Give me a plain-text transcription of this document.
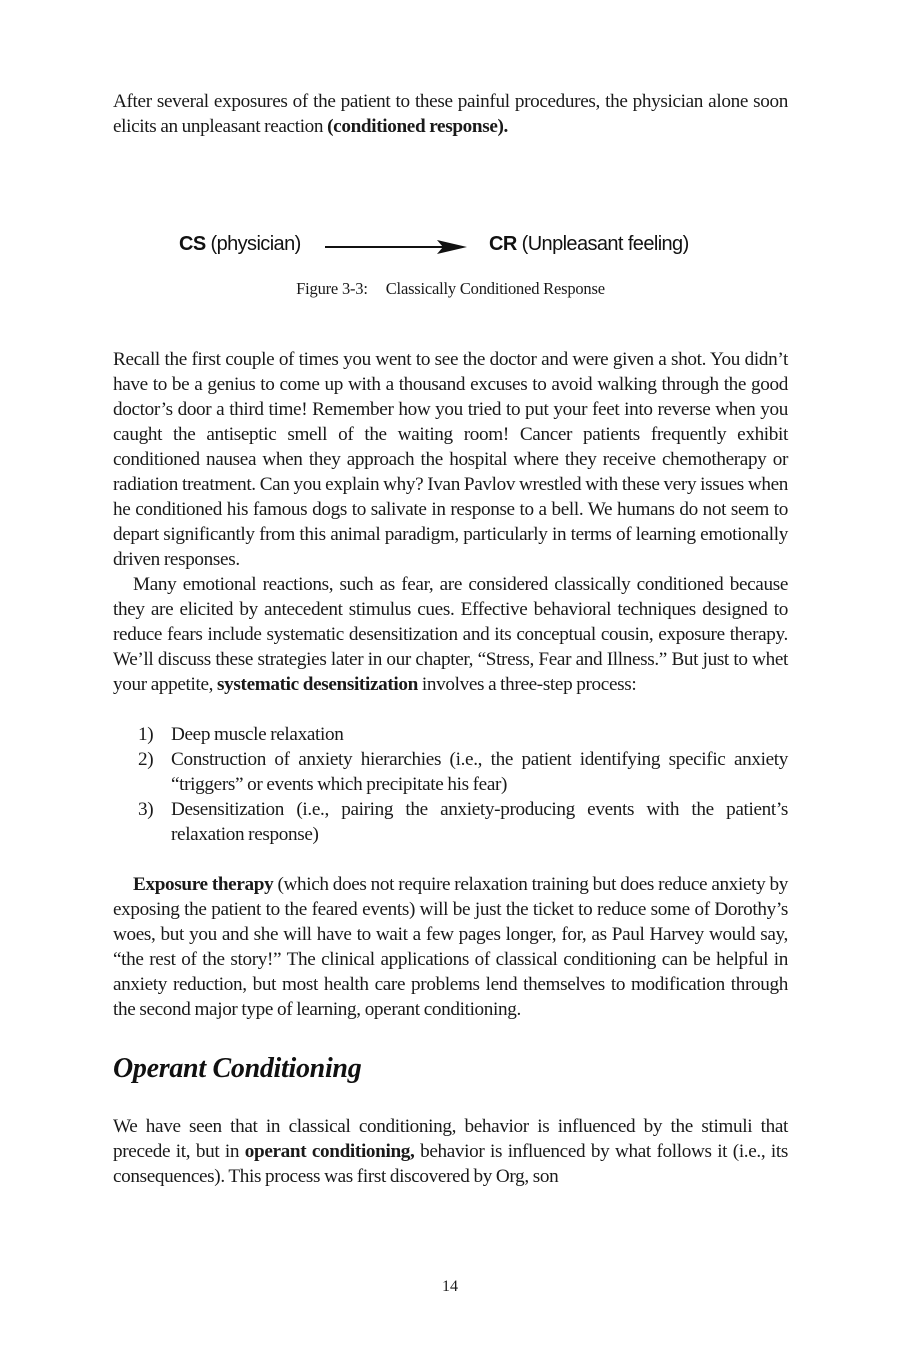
After several exposures of the patient to these painful procedures, the physician alone soon elicits an unpleasant reaction (conditioned response).

CS (physician)	CR (Unpleasant feeling)
Figure 3-3: Classically Conditioned Response

Recall the first couple of times you went to see the doctor and were given a shot. You didn’t have to be a genius to come up with a thousand excuses to avoid walking through the good doctor’s door a third time! Remember how you tried to put your feet into reverse when you caught the antiseptic smell of the waiting room! Cancer patients frequently exhibit conditioned nausea when they approach the hospital where they receive chemotherapy or radiation treatment. Can you explain why? Ivan Pavlov wrestled with these very issues when he conditioned his famous dogs to salivate in response to a bell. We humans do not seem to depart significantly from this animal paradigm, particularly in terms of learning emotionally driven responses.

Many emotional reactions, such as fear, are considered classically conditioned because they are elicited by antecedent stimulus cues. Effective behavioral techniques designed to reduce fears include systematic desensitization and its conceptual cousin, exposure therapy. We’ll discuss these strategies later in our chapter, “Stress, Fear and Illness.” But just to whet your appetite, systematic desensitization involves a three-step process:

1) Deep muscle relaxation
2) Construction of anxiety hierarchies (i.e., the patient identifying specific anxiety “triggers” or events which precipitate his fear)
3) Desensitization (i.e., pairing the anxiety-producing events with the patient’s relaxation response)

Exposure therapy (which does not require relaxation training but does reduce anxiety by exposing the patient to the feared events) will be just the ticket to reduce some of Dorothy’s woes, but you and she will have to wait a few pages longer, for, as Paul Harvey would say, “the rest of the story!” The clinical applications of classical conditioning can be helpful in anxiety reduction, but most health care problems lend themselves to modification through the second major type of learning, operant conditioning.

Operant Conditioning

We have seen that in classical conditioning, behavior is influenced by the stimuli that precede it, but in operant conditioning, behavior is influenced by what follows it (i.e., its consequences). This process was first discovered by Org, son

14
